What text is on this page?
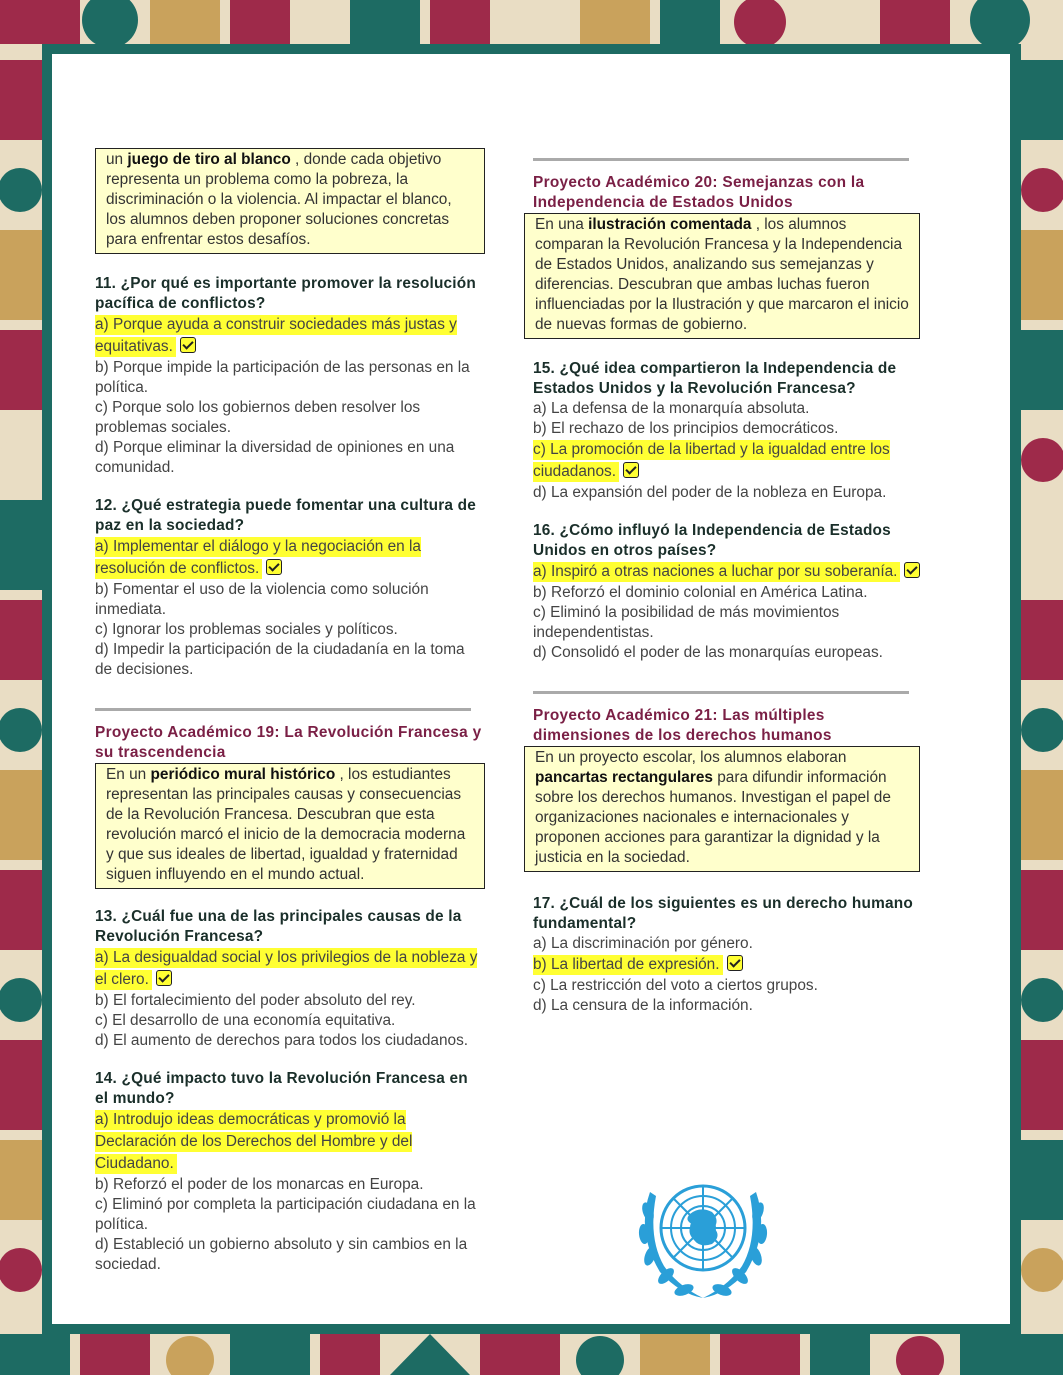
un juego de tiro al blanco , donde cada objetivo representa un problema como la pobreza, la discriminación o la violencia. Al impactar el blanco, los alumnos deben proponer soluciones concretas para enfrentar estos desafíos.
11. ¿Por qué es importante promover la resolución pacífica de conflictos?
a) Porque ayuda a construir sociedades más justas y equitativas.
b) Porque impide la participación de las personas en la política.
c) Porque solo los gobiernos deben resolver los problemas sociales.
d) Porque eliminar la diversidad de opiniones en una comunidad.
12. ¿Qué estrategia puede fomentar una cultura de paz en la sociedad?
a) Implementar el diálogo y la negociación en la resolución de conflictos.
b) Fomentar el uso de la violencia como solución inmediata.
c) Ignorar los problemas sociales y políticos.
d) Impedir la participación de la ciudadanía en la toma de decisiones.
Proyecto Académico 19: La Revolución Francesa y su trascendencia
En un periódico mural histórico , los estudiantes representan las principales causas y consecuencias de la Revolución Francesa. Descubran que esta revolución marcó el inicio de la democracia moderna y que sus ideales de libertad, igualdad y fraternidad siguen influyendo en el mundo actual.
13. ¿Cuál fue una de las principales causas de la Revolución Francesa?
a) La desigualdad social y los privilegios de la nobleza y el clero.
b) El fortalecimiento del poder absoluto del rey.
c) El desarrollo de una economía equitativa.
d) El aumento de derechos para todos los ciudadanos.
14. ¿Qué impacto tuvo la Revolución Francesa en el mundo?
a) Introdujo ideas democráticas y promovió la Declaración de los Derechos del Hombre y del Ciudadano.
b) Reforzó el poder de los monarcas en Europa.
c) Eliminó por completa la participación ciudadana en la política.
d) Estableció un gobierno absoluto y sin cambios en la sociedad.
Proyecto Académico 20: Semejanzas con la Independencia de Estados Unidos
En una ilustración comentada , los alumnos comparan la Revolución Francesa y la Independencia de Estados Unidos, analizando sus semejanzas y diferencias. Descubran que ambas luchas fueron influenciadas por la Ilustración y que marcaron el inicio de nuevas formas de gobierno.
15. ¿Qué idea compartieron la Independencia de Estados Unidos y la Revolución Francesa?
a) La defensa de la monarquía absoluta.
b) El rechazo de los principios democráticos.
c) La promoción de la libertad y la igualdad entre los ciudadanos.
d) La expansión del poder de la nobleza en Europa.
16. ¿Cómo influyó la Independencia de Estados Unidos en otros países?
a) Inspiró a otras naciones a luchar por su soberanía.
b) Reforzó el dominio colonial en América Latina.
c) Eliminó la posibilidad de más movimientos independentistas.
d) Consolidó el poder de las monarquías europeas.
Proyecto Académico 21: Las múltiples dimensiones de los derechos humanos
En un proyecto escolar, los alumnos elaboran pancartas rectangulares para difundir información sobre los derechos humanos. Investigan el papel de organizaciones nacionales e internacionales y proponen acciones para garantizar la dignidad y la justicia en la sociedad.
17. ¿Cuál de los siguientes es un derecho humano fundamental?
a) La discriminación por género.
b) La libertad de expresión.
c) La restricción del voto a ciertos grupos.
d) La censura de la información.
